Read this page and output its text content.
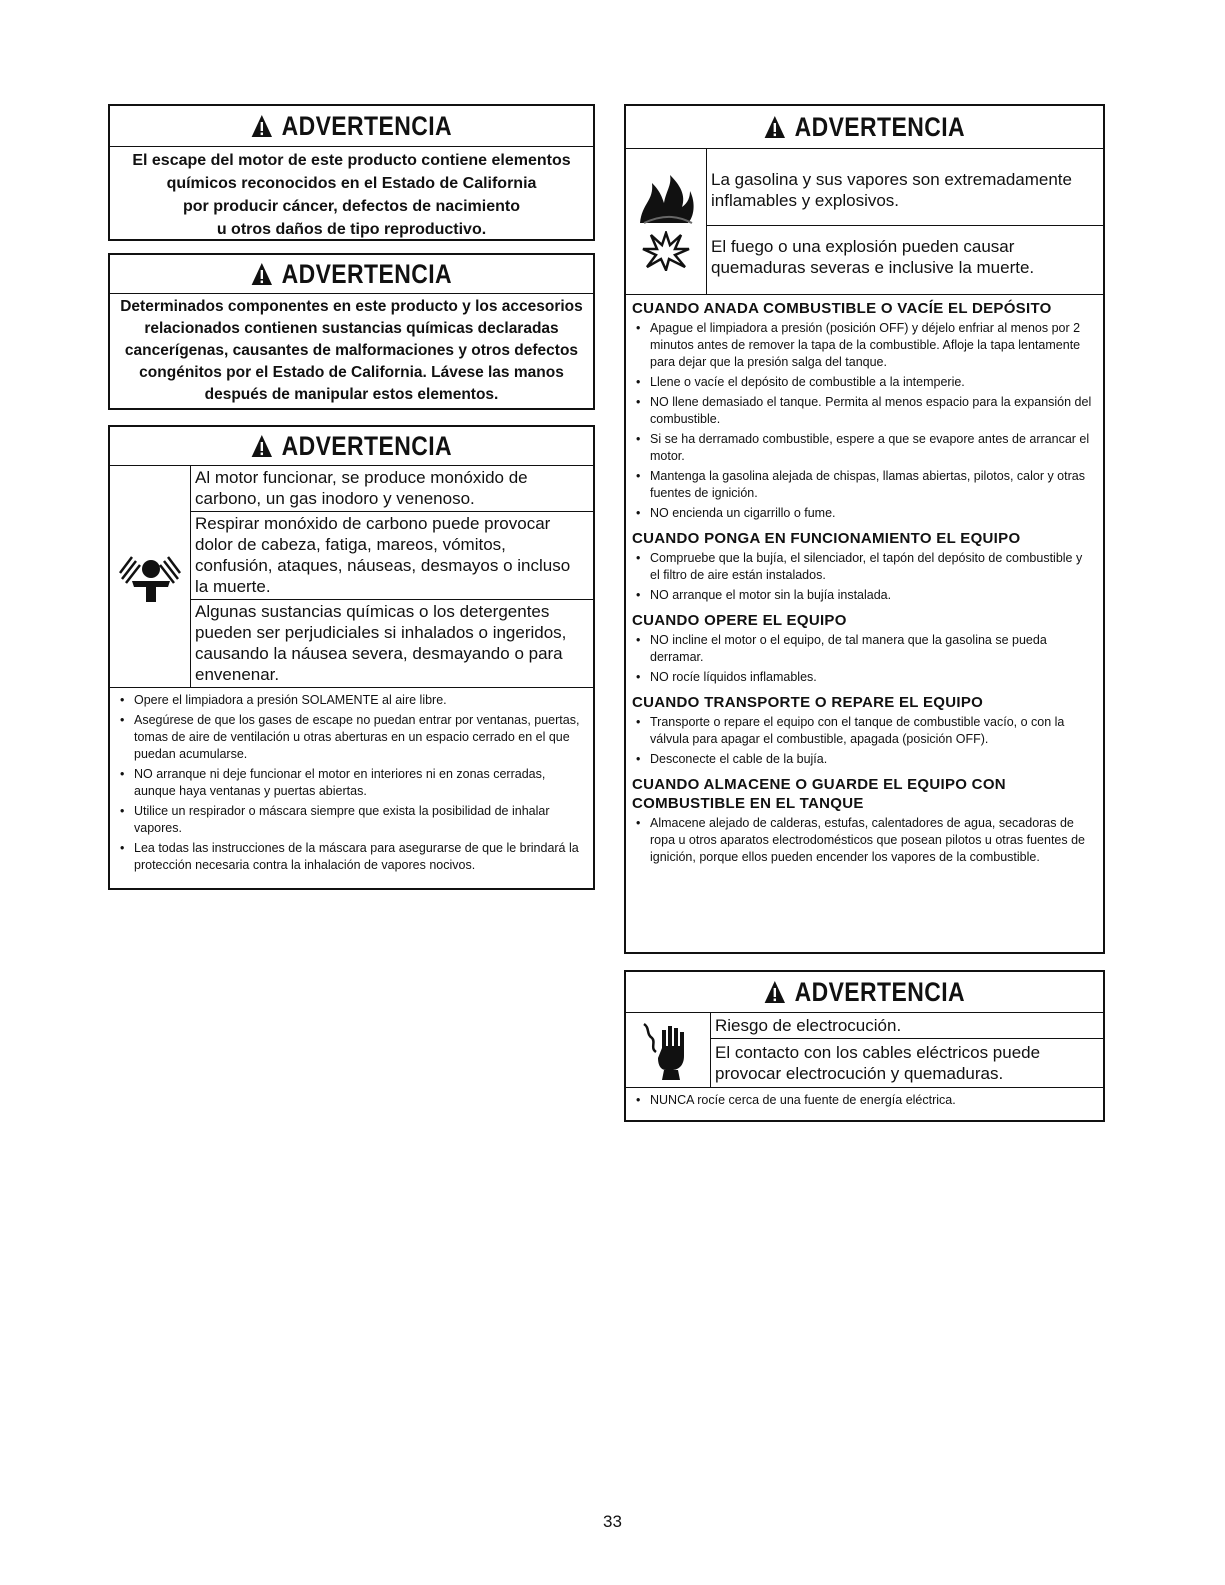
ADVERTENCIA
El escape del motor de este producto contiene elementos
químicos reconocidos en el Estado de California
por producir cáncer, defectos de nacimiento
u otros daños de tipo reproductivo.
ADVERTENCIA
Determinados componentes en este producto y los accesorios
relacionados contienen sustancias químicas declaradas
cancerígenas, causantes de malformaciones y otros defectos
congénitos por el Estado de California. Lávese las manos
después de manipular estos elementos.
ADVERTENCIA
Al motor funcionar, se produce monóxido de carbono, un gas inodoro y venenoso.
Respirar monóxido de carbono puede provocar dolor de cabeza, fatiga, mareos, vómitos, confusión, ataques, náuseas, desmayos o incluso la muerte.
Algunas sustancias químicas o los detergentes pueden ser perjudiciales si inhalados o ingeridos, causando la náusea severa, desmayando o para envenenar.
• Opere el limpiadora a presión SOLAMENTE al aire libre.
• Asegúrese de que los gases de escape no puedan entrar por ventanas, puertas, tomas de aire de ventilación u otras aberturas en un espacio cerrado en el que puedan acumularse.
• NO arranque ni deje funcionar el motor en interiores ni en zonas cerradas, aunque haya ventanas y puertas abiertas.
• Utilice un respirador o máscara siempre que exista la posibilidad de inhalar vapores.
• Lea todas las instrucciones de la máscara para asegurarse de que le brindará la protección necesaria contra la inhalación de vapores nocivos.
ADVERTENCIA
La gasolina y sus vapores son extremadamente inflamables y explosivos.
El fuego o una explosión pueden causar quemaduras severas e inclusive la muerte.
CUANDO ANADA COMBUSTIBLE O VACÍE EL DEPÓSITO
• Apague el limpiadora a presión (posición OFF) y déjelo enfriar al menos por 2 minutos antes de remover la tapa de la combustible. Afloje la tapa lentamente para dejar que la presión salga del tanque.
• Llene o vacíe el depósito de combustible a la intemperie.
• NO llene demasiado el tanque. Permita al menos espacio para la expansión del combustible.
• Si se ha derramado combustible, espere a que se evapore antes de arrancar el motor.
• Mantenga la gasolina alejada de chispas, llamas abiertas, pilotos, calor y otras fuentes de ignición.
• NO encienda un cigarrillo o fume.
CUANDO PONGA EN FUNCIONAMIENTO EL EQUIPO
• Compruebe que la bujía, el silenciador, el tapón del depósito de combustible y el filtro de aire están instalados.
• NO arranque el motor sin la bujía instalada.
CUANDO OPERE EL EQUIPO
• NO incline el motor o el equipo, de tal manera que la gasolina se pueda derramar.
• NO rocíe líquidos inflamables.
CUANDO TRANSPORTE O REPARE EL EQUIPO
• Transporte o repare el equipo con el tanque de combustible vacío, o con la válvula para apagar el combustible, apagada (posición OFF).
• Desconecte el cable de la bujía.
CUANDO ALMACENE O GUARDE EL EQUIPO CON COMBUSTIBLE EN EL TANQUE
• Almacene alejado de calderas, estufas, calentadores de agua, secadoras de ropa u otros aparatos electrodomésticos que posean pilotos u otras fuentes de ignición, porque ellos pueden encender los vapores de la combustible.
ADVERTENCIA
Riesgo de electrocución.
El contacto con los cables eléctricos puede provocar electrocución y quemaduras.
• NUNCA rocíe cerca de una fuente de energía eléctrica.
33
